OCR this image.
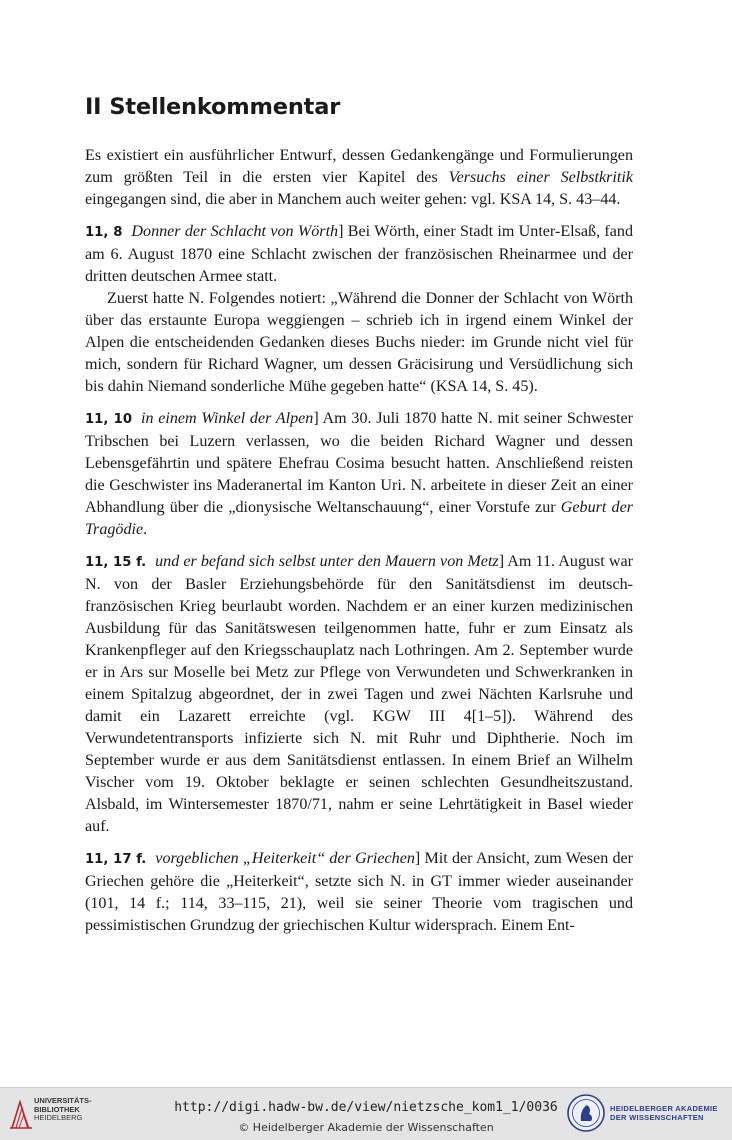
II Stellenkommentar

Es existiert ein ausführlicher Entwurf, dessen Gedankengänge und Formulierungen zum größten Teil in die ersten vier Kapitel des Versuchs einer Selbstkritik eingegangen sind, die aber in Manchem auch weiter gehen: vgl. KSA 14, S. 43–44.

11, 8 Donner der Schlacht von Wörth] Bei Wörth, einer Stadt im Unter-Elsaß, fand am 6. August 1870 eine Schlacht zwischen der französischen Rheinarmee und der dritten deutschen Armee statt.

Zuerst hatte N. Folgendes notiert: „Während die Donner der Schlacht von Wörth über das erstaunte Europa weggiengen – schrieb ich in irgend einem Winkel der Alpen die entscheidenden Gedanken dieses Buchs nieder: im Grunde nicht viel für mich, sondern für Richard Wagner, um dessen Gräcisirung und Versüdlichung sich bis dahin Niemand sonderliche Mühe gegeben hatte“ (KSA 14, S. 45).

11, 10 in einem Winkel der Alpen] Am 30. Juli 1870 hatte N. mit seiner Schwester Tribschen bei Luzern verlassen, wo die beiden Richard Wagner und dessen Lebensgefährtin und spätere Ehefrau Cosima besucht hatten. Anschließend reisten die Geschwister ins Maderanertal im Kanton Uri. N. arbeitete in dieser Zeit an einer Abhandlung über die „dionysische Weltanschauung“, einer Vorstufe zur Geburt der Tragödie.

11, 15 f. und er befand sich selbst unter den Mauern von Metz] Am 11. August war N. von der Basler Erziehungsbehörde für den Sanitätsdienst im deutsch-französischen Krieg beurlaubt worden. Nachdem er an einer kurzen medizinischen Ausbildung für das Sanitätswesen teilgenommen hatte, fuhr er zum Einsatz als Krankenpfleger auf den Kriegsschauplatz nach Lothringen. Am 2. September wurde er in Ars sur Moselle bei Metz zur Pflege von Verwundeten und Schwerkranken in einem Spitalzug abgeordnet, der in zwei Tagen und zwei Nächten Karlsruhe und damit ein Lazarett erreichte (vgl. KGW III 4[1–5]). Während des Verwundetentransports infizierte sich N. mit Ruhr und Diphtherie. Noch im September wurde er aus dem Sanitätsdienst entlassen. In einem Brief an Wilhelm Vischer vom 19. Oktober beklagte er seinen schlechten Gesundheitszustand. Alsbald, im Wintersemester 1870/71, nahm er seine Lehrtätigkeit in Basel wieder auf.

11, 17 f. vorgeblichen „Heiterkeit“ der Griechen] Mit der Ansicht, zum Wesen der Griechen gehöre die „Heiterkeit“, setzte sich N. in GT immer wieder auseinander (101, 14 f.; 114, 33–115, 21), weil sie seiner Theorie vom tragischen und pessimistischen Grundzug der griechischen Kultur widersprach. Einem Ent-

UNIVERSITÄTS-
BIBLIOTHEK
HEIDELBERG
http://digi.hadw-bw.de/view/nietzsche_kom1_1/0036
© Heidelberger Akademie der Wissenschaften
HEIDELBERGER AKADEMIE
DER WISSENSCHAFTEN
